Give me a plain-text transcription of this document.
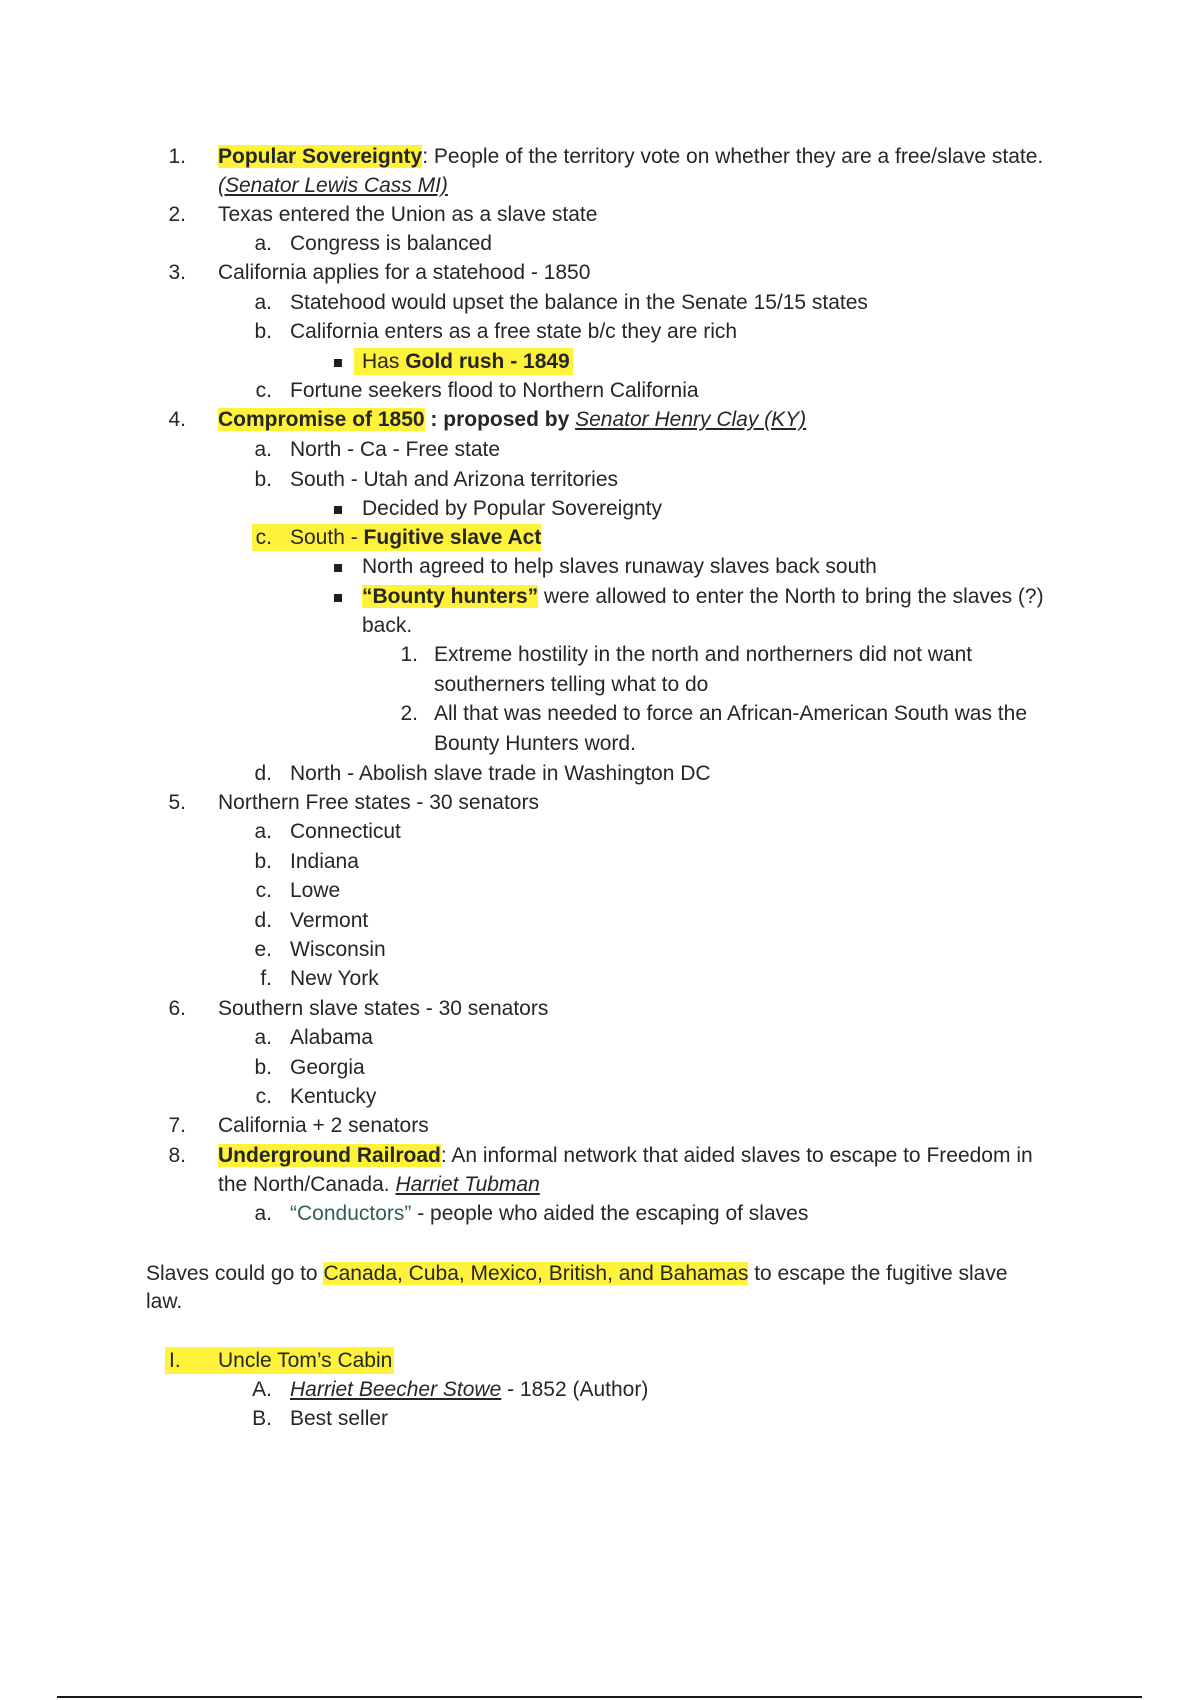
1. Popular Sovereignty: People of the territory vote on whether they are a free/slave state.
(Senator Lewis Cass MI)
2. Texas entered the Union as a slave state
a. Congress is balanced
3. California applies for a statehood - 1850
a. Statehood would upset the balance in the Senate 15/15 states
b. California enters as a free state b/c they are rich
Has Gold rush - 1849
c. Fortune seekers flood to Northern California
4. Compromise of 1850 : proposed by Senator Henry Clay (KY)
a. North - Ca - Free state
b. South - Utah and Arizona territories
Decided by Popular Sovereignty
c. South - Fugitive slave Act
North agreed to help slaves runaway slaves back south
“Bounty hunters” were allowed to enter the North to bring the slaves (?)
back.
1. Extreme hostility in the north and northerners did not want
southerners telling what to do
2. All that was needed to force an African-American South was the
Bounty Hunters word.
d. North - Abolish slave trade in Washington DC
5. Northern Free states - 30 senators
a. Connecticut
b. Indiana
c. Lowe
d. Vermont
e. Wisconsin
f. New York
6. Southern slave states - 30 senators
a. Alabama
b. Georgia
c. Kentucky
7. California + 2 senators
8. Underground Railroad: An informal network that aided slaves to escape to Freedom in
the North/Canada. Harriet Tubman
a. “Conductors” - people who aided the escaping of slaves
Slaves could go to Canada, Cuba, Mexico, British, and Bahamas to escape the fugitive slave
law.
I. Uncle Tom’s Cabin
A. Harriet Beecher Stowe - 1852 (Author)
B. Best seller
